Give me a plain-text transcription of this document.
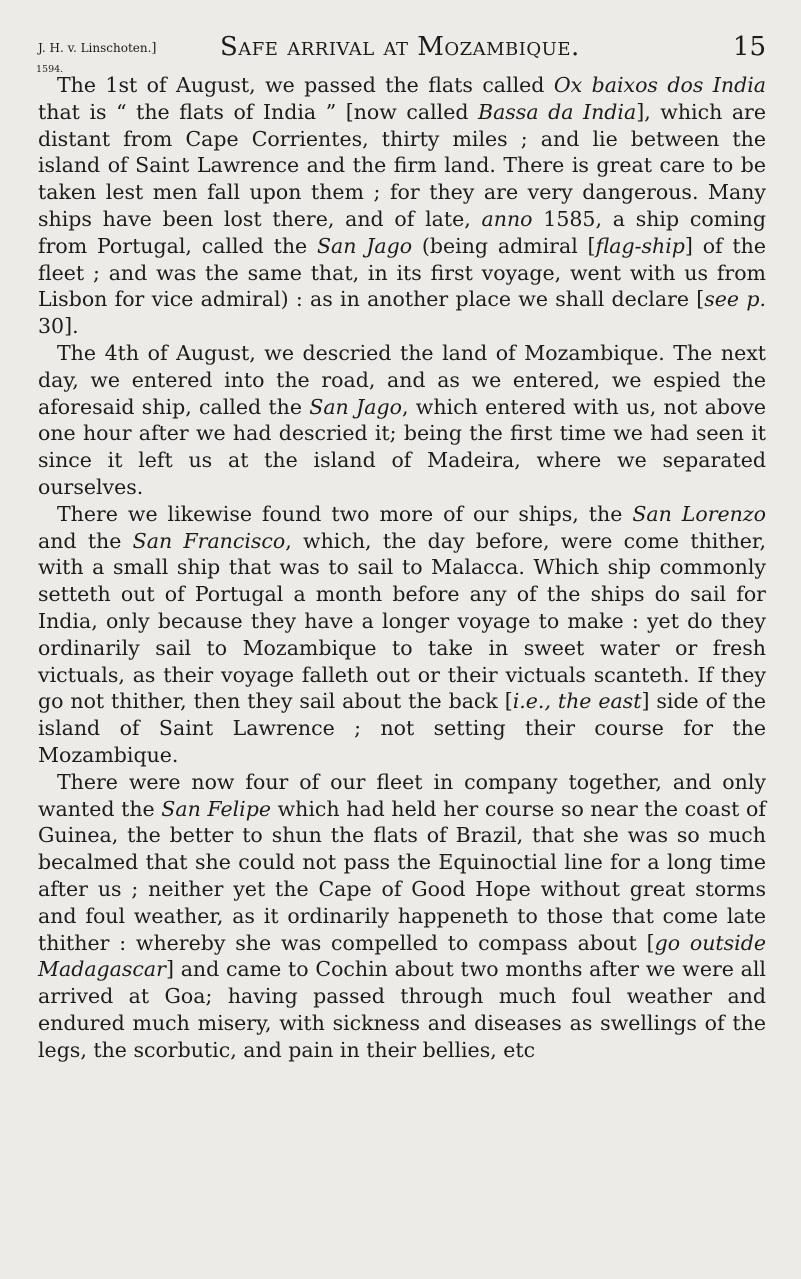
J. H. v. Linschoten.]
$_{1594.}$
Safe arrival at Mozambique.	15

The 1st of August, we passed the flats called Ox baixos dos India that is “ the flats of India ” [now called Bassa da India], which are distant from Cape Corrientes, thirty miles ; and lie between the island of Saint Lawrence and the firm land. There is great care to be taken lest men fall upon them ; for they are very dangerous. Many ships have been lost there, and of late, anno 1585, a ship coming from Portugal, called the San Jago (being admiral [flag-ship] of the fleet ; and was the same that, in its first voyage, went with us from Lisbon for vice admiral) : as in another place we shall declare [see p. 30].

The 4th of August, we descried the land of Mozambique. The next day, we entered into the road, and as we entered, we espied the aforesaid ship, called the San Jago, which entered with us, not above one hour after we had descried it; being the first time we had seen it since it left us at the island of Madeira, where we separated ourselves.

There we likewise found two more of our ships, the San Lorenzo and the San Francisco, which, the day before, were come thither, with a small ship that was to sail to Malacca. Which ship commonly setteth out of Portugal a month before any of the ships do sail for India, only because they have a longer voyage to make : yet do they ordinarily sail to Mozambique to take in sweet water or fresh victuals, as their voyage falleth out or their victuals scanteth. If they go not thither, then they sail about the back [i.e., the east] side of the island of Saint Lawrence ; not setting their course for the Mozambique.

There were now four of our fleet in company together, and only wanted the San Felipe which had held her course so near the coast of Guinea, the better to shun the flats of Brazil, that she was so much becalmed that she could not pass the Equinoctial line for a long time after us ; neither yet the Cape of Good Hope without great storms and foul weather, as it ordinarily happeneth to those that come late thither : whereby she was compelled to compass about [go outside Madagascar] and came to Cochin about two months after we were all arrived at Goa; having passed through much foul weather and endured much misery, with sickness and diseases as swellings of the legs, the scorbutic, and pain in their bellies, etc
